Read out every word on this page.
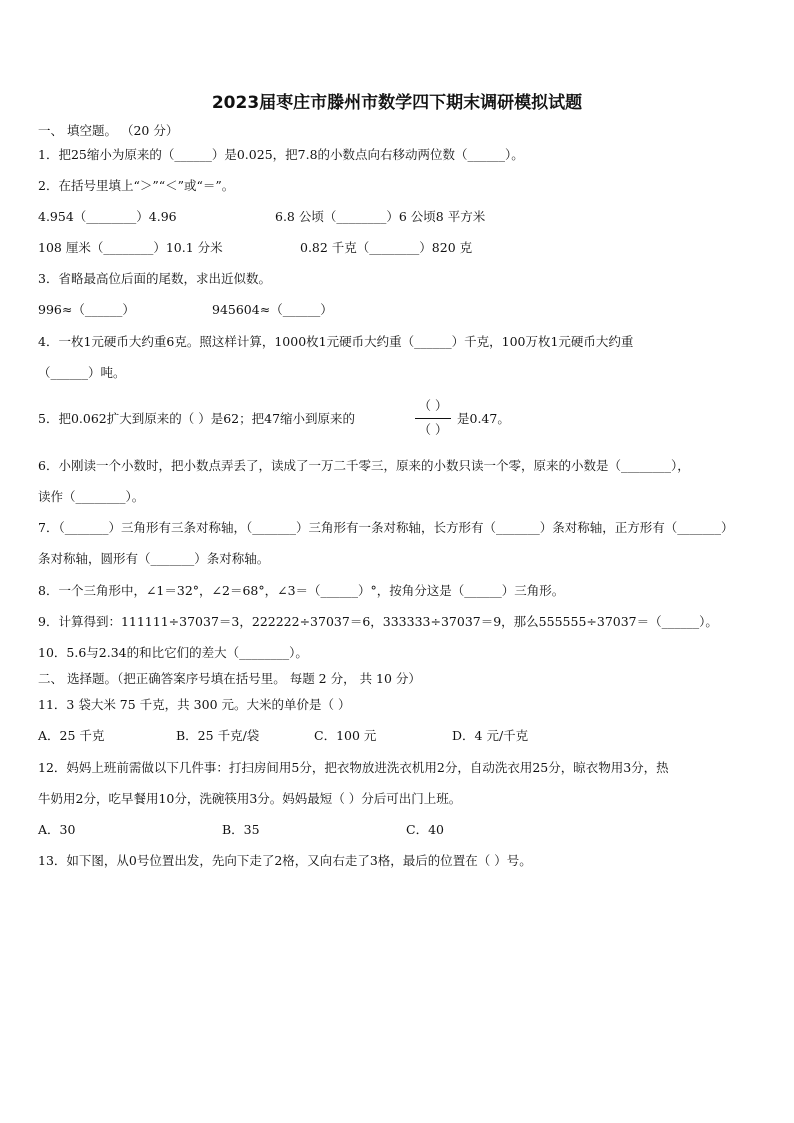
2023届枣庄市滕州市数学四下期末调研模拟试题
一、 填空题。 （20 分）
1．把25缩小为原来的（______）是0.025，把7.8的小数点向右移动两位数（______）。
2．在括号里填上“＞”“＜”或“＝”。
4.954（________）4.96	6.8 公顷（________）6 公顷8 平方米
108 厘米（________）10.1 分米	0.82 千克（________）820 克
3．省略最高位后面的尾数，求出近似数。
996≈（______）	945604≈（______）
4．一枚1元硬币大约重6克。照这样计算，1000枚1元硬币大约重（______）千克，100万枚1元硬币大约重
（______）吨。
5．把0.062扩大到原来的（ ）是62；把47缩小到原来的
（ ）
（ ）
是0.47。
6．小刚读一个小数时，把小数点弄丢了，读成了一万二千零三，原来的小数只读一个零，原来的小数是（________），
读作（________）。
7．（_______）三角形有三条对称轴，（_______）三角形有一条对称轴，长方形有（_______）条对称轴，正方形有（_______）
条对称轴，圆形有（_______）条对称轴。
8．一个三角形中，∠1＝32°，∠2＝68°，∠3＝（______）°，按角分这是（______）三角形。
9．计算得到：111111÷37037＝3，222222÷37037＝6，333333÷37037＝9，那么555555÷37037＝（______）。
10．5.6与2.34的和比它们的差大（________）。
二、 选择题。（把正确答案序号填在括号里。 每题 2 分， 共 10 分）
11．3 袋大米 75 千克，共 300 元。大米的单价是（ ）
A．25 千克	B．25 千克/袋	C．100 元	D．4 元/千克
12．妈妈上班前需做以下几件事：打扫房间用5分，把衣物放进洗衣机用2分，自动洗衣用25分，晾衣物用3分，热
牛奶用2分，吃早餐用10分，洗碗筷用3分。妈妈最短（ ）分后可出门上班。
A．30	B．35	C．40
13．如下图，从0号位置出发，先向下走了2格，又向右走了3格，最后的位置在（ ）号。
